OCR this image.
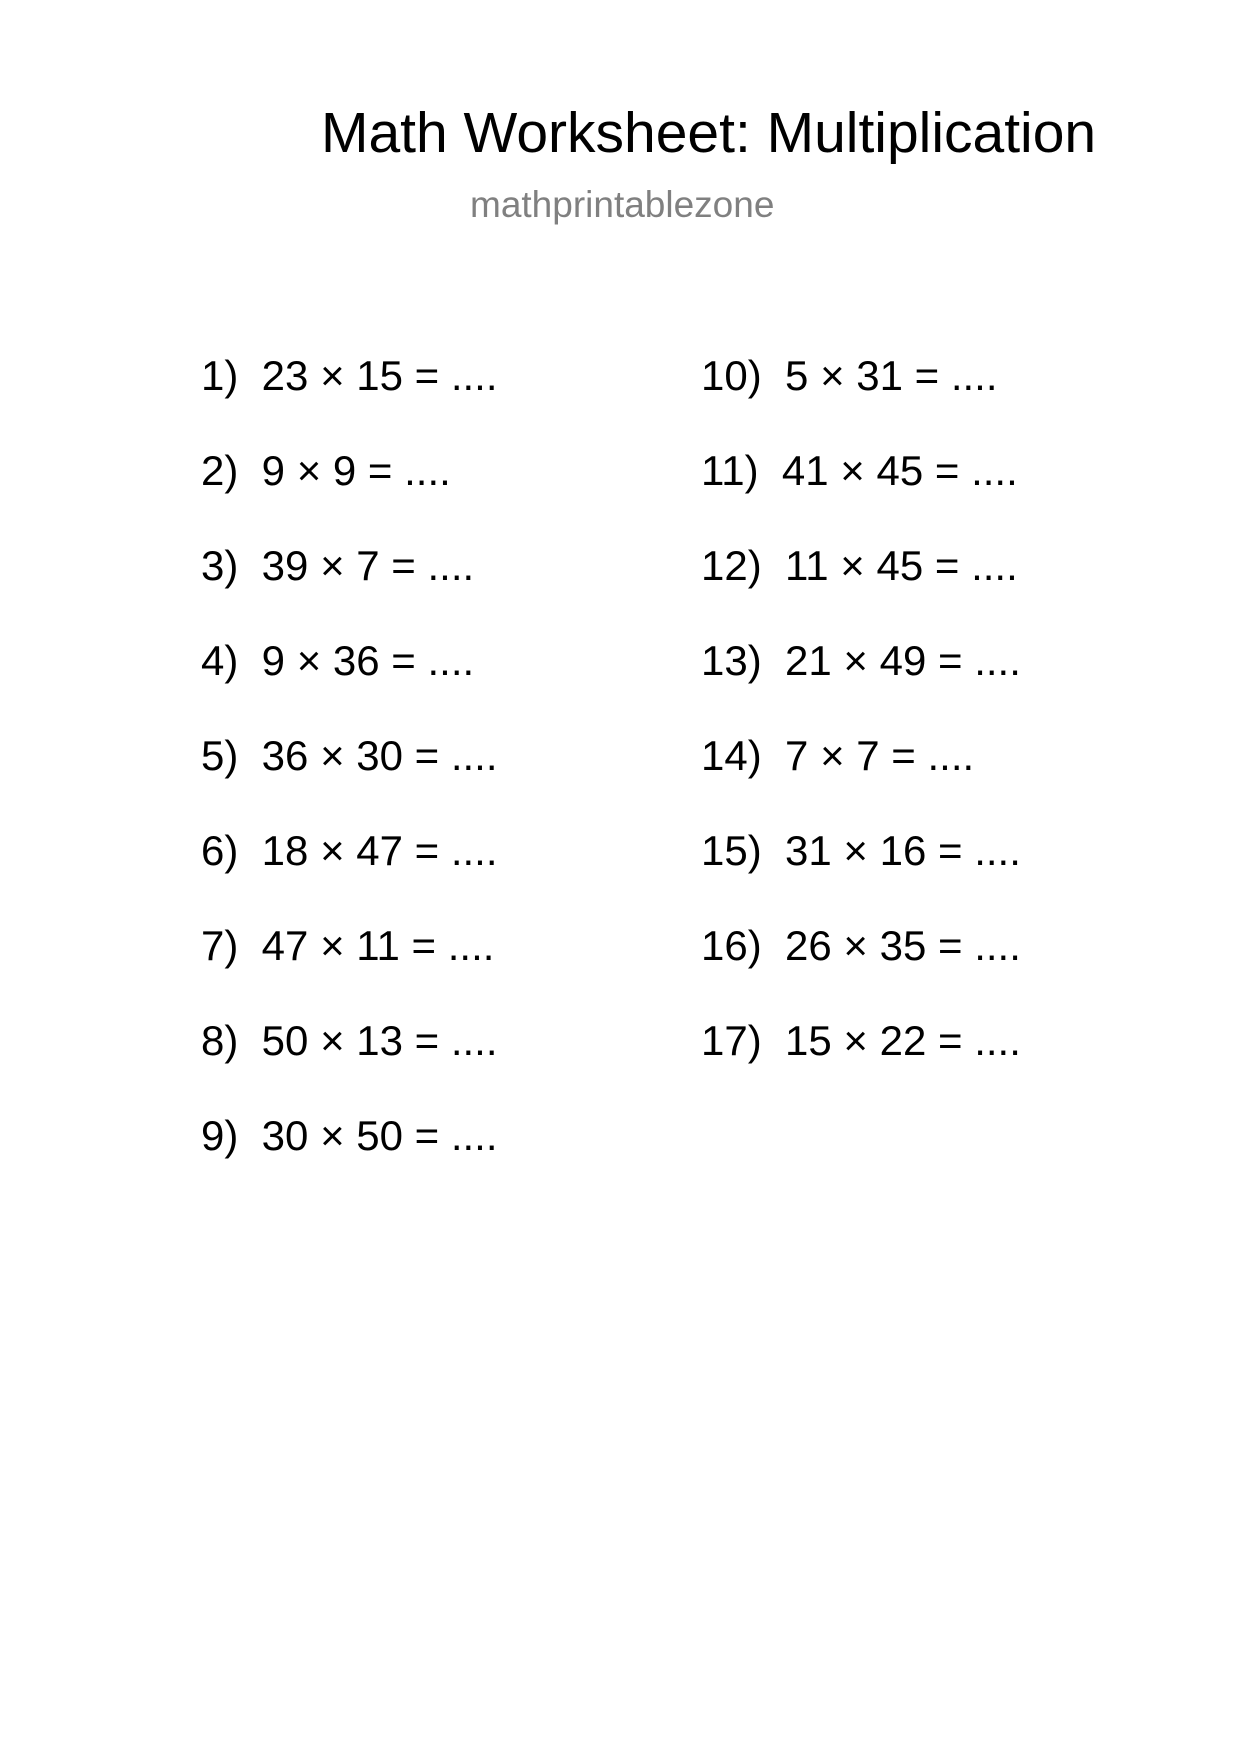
Math Worksheet: Multiplication
mathprintablezone
1)  23 × 15 = ....
2)  9 × 9 = ....
3)  39 × 7 = ....
4)  9 × 36 = ....
5)  36 × 30 = ....
6)  18 × 47 = ....
7)  47 × 11 = ....
8)  50 × 13 = ....
9)  30 × 50 = ....
10)  5 × 31 = ....
11)  41 × 45 = ....
12)  11 × 45 = ....
13)  21 × 49 = ....
14)  7 × 7 = ....
15)  31 × 16 = ....
16)  26 × 35 = ....
17)  15 × 22 = ....
